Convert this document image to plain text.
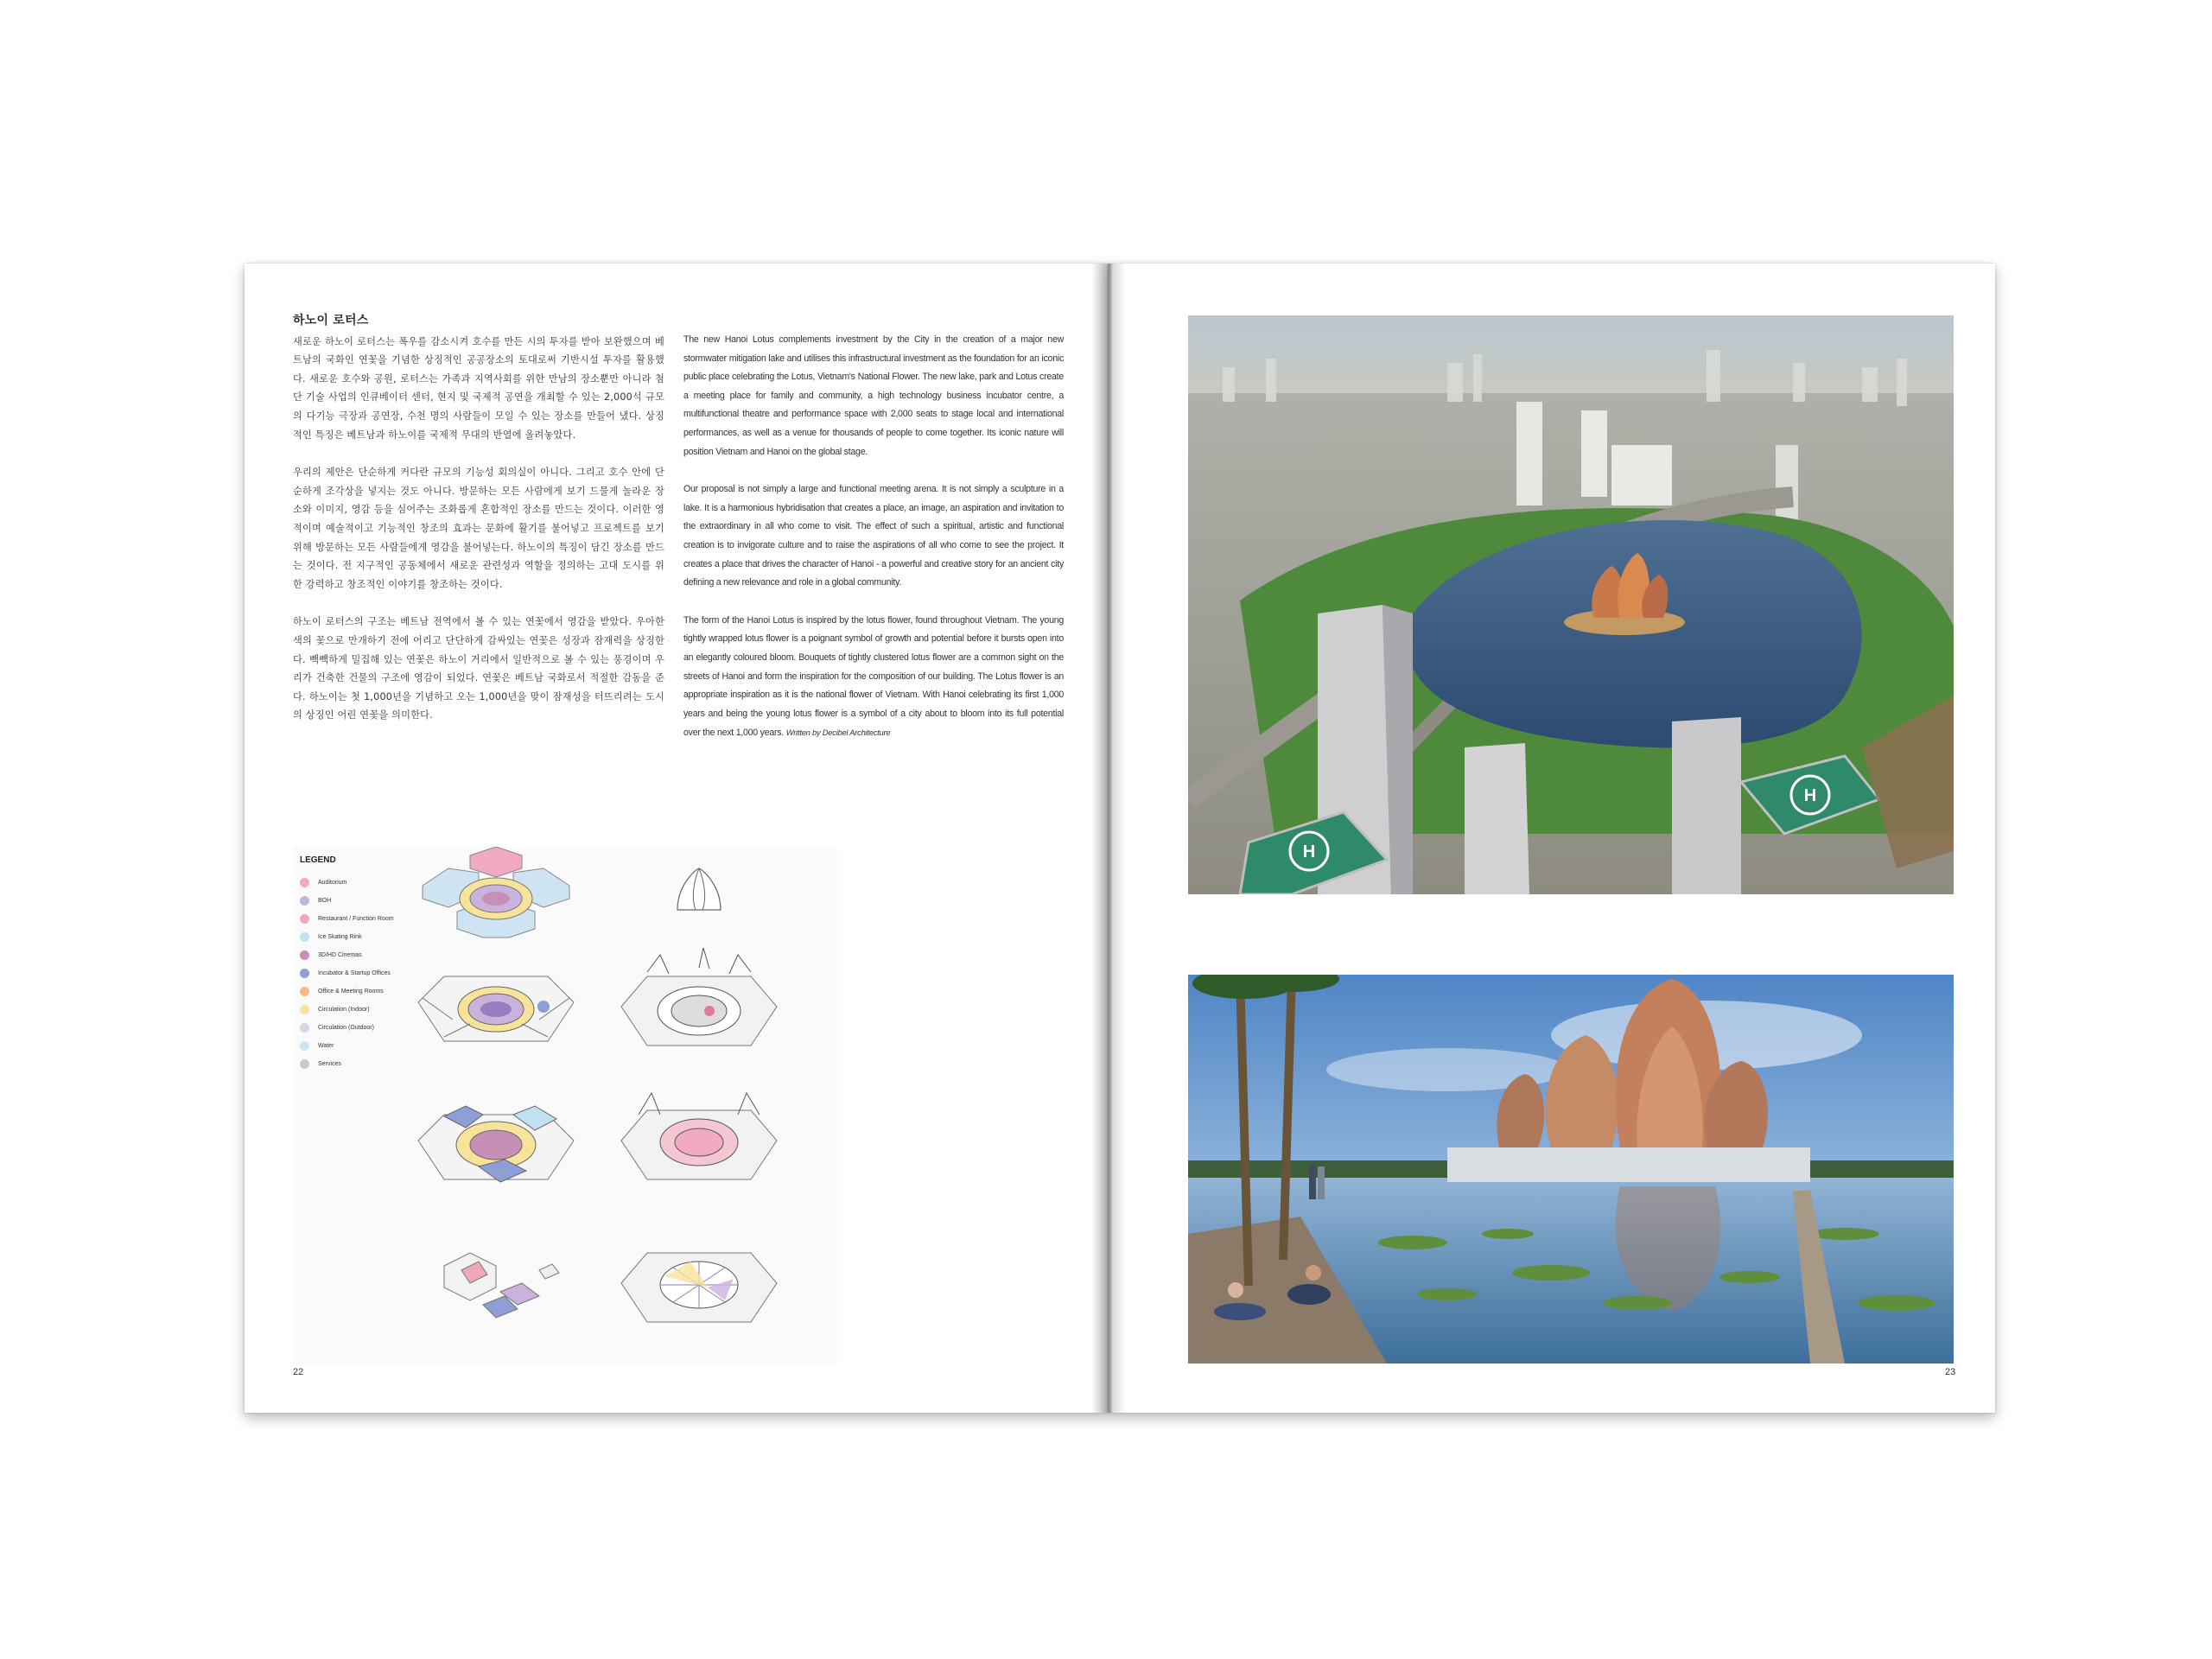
하노이 로터스

새로운 하노이 로터스는 폭우를 감소시켜 호수를 만든 시의 투자를 받아 보완했으며 베트남의 국화인 연꽃을 기념한 상징적인 공공장소의 토대로써 기반시설 투자를 활용했다. 새로운 호수와 공원, 로터스는 가족과 지역사회를 위한 만남의 장소뿐만 아니라 첨단 기술 사업의 인큐베이터 센터, 현지 및 국제적 공연을 개최할 수 있는 2,000석 규모의 다기능 극장과 공연장, 수천 명의 사람들이 모일 수 있는 장소를 만들어 냈다. 상징적인 특징은 베트남과 하노이를 국제적 무대의 반열에 올려놓았다.

우리의 제안은 단순하게 커다란 규모의 기능성 회의실이 아니다. 그리고 호수 안에 단순하게 조각상을 넣지는 것도 아니다. 방문하는 모든 사람에게 보기 드물게 놀라운 장소와 이미지, 영감 등을 심어주는 조화롭게 혼합적인 장소를 만드는 것이다. 이러한 영적이며 예술적이고 기능적인 창조의 효과는 문화에 활기를 불어넣고 프로젝트를 보기 위해 방문하는 모든 사람들에게 영감을 불어넣는다. 하노이의 특징이 담긴 장소를 만드는 것이다. 전 지구적인 공동체에서 새로운 관련성과 역할을 정의하는 고대 도시를 위한 강력하고 창조적인 이야기를 창조하는 것이다.

하노이 로터스의 구조는 베트남 전역에서 볼 수 있는 연꽃에서 영감을 받았다. 우아한 색의 꽃으로 만개하기 전에 어리고 단단하게 감싸있는 연꽃은 성장과 잠재력을 상징한다. 빽빽하게 밀집해 있는 연꽃은 하노이 거리에서 일반적으로 볼 수 있는 풍경이며 우리가 건축한 건물의 구조에 영감이 되었다. 연꽃은 베트남 국화로서 적절한 감동을 준다. 하노이는 첫 1,000년을 기념하고 오는 1,000년을 맞이 잠재성을 터뜨리려는 도시의 상징인 어린 연꽃을 의미한다.

The new Hanoi Lotus complements investment by the City in the creation of a major new stormwater mitigation lake and utilises this infrastructural investment as the foundation for an iconic public place celebrating the Lotus, Vietnam's National Flower. The new lake, park and Lotus create a meeting place for family and community, a high technology business incubator centre, a multifunctional theatre and performance space with 2,000 seats to stage local and international performances, as well as a venue for thousands of people to come together. Its iconic nature will position Vietnam and Hanoi on the global stage.

Our proposal is not simply a large and functional meeting arena. It is not simply a sculpture in a lake. It is a harmonious hybridisation that creates a place, an image, an aspiration and invitation to the extraordinary in all who come to visit. The effect of such a spiritual, artistic and functional creation is to invigorate culture and to raise the aspirations of all who come to see the project. It creates a place that drives the character of Hanoi - a powerful and creative story for an ancient city defining a new relevance and role in a global community.

The form of the Hanoi Lotus is inspired by the lotus flower, found throughout Vietnam. The young tightly wrapped lotus flower is a poignant symbol of growth and potential before it bursts open into an elegantly coloured bloom. Bouquets of tightly clustered lotus flower are a common sight on the streets of Hanoi and form the inspiration for the composition of our building. The Lotus flower is an appropriate inspiration as it is the national flower of Vietnam. With Hanoi celebrating its first 1,000 years and being the young lotus flower is a symbol of a city about to bloom into its full potential over the next 1,000 years. Written by Decibel Architecture

LEGEND
Auditorium
BOH
Restaurant / Function Room
Ice Skating Rink
3D/HD Cinemas
Incubator & Startup Offices
Office & Meeting Rooms
Circulation (Indoor)
Circulation (Outdoor)
Water
Services
22
H
H
23
